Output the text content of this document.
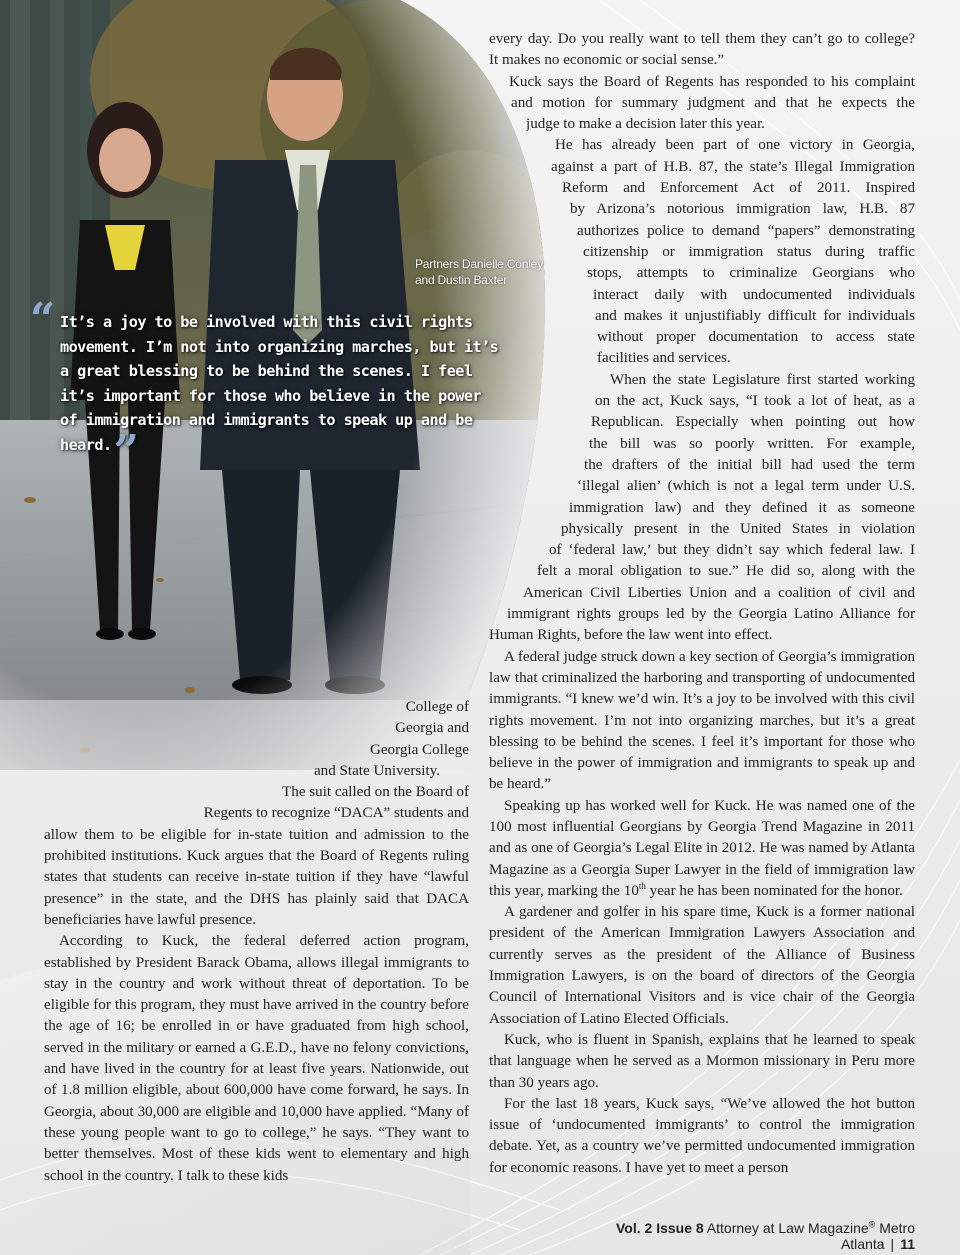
Partners Danielle Conley
and Dustin Baxter
“ It’s a joy to be involved with this civil rights movement. I’m not into organizing marches, but it’s a great blessing to be behind the scenes. I feel it’s important for those who believe in the power of immigration and immigrants to speak up and be heard.”

College of
Georgia and
Georgia College
and State University.
The suit called on the Board of
Regents to recognize “DACA” students and

allow them to be eligible for in-state tuition and admission to the prohibited institutions. Kuck argues that the Board of Regents ruling states that students can receive in-state tuition if they have “lawful presence” in the state, and the DHS has plainly said that DACA beneficiaries have lawful presence.

According to Kuck, the federal deferred action program, established by President Barack Obama, allows illegal immigrants to stay in the country and work without threat of deportation. To be eligible for this program, they must have arrived in the country before the age of 16; be enrolled in or have graduated from high school, served in the military or earned a G.E.D., have no felony convictions, and have lived in the country for at least five years. Nationwide, out of 1.8 million eligible, about 600,000 have come forward, he says. In Georgia, about 30,000 are eligible and 10,000 have applied. “Many of these young people want to go to college,” he says. “They want to better themselves. Most of these kids went to elementary and high school in the country. I talk to these kids

every day. Do you really want to tell them they can’t go to college?
It makes no economic or social sense.”
Kuck says the Board of Regents has responded to his complaint
and motion for summary judgment and that he expects the
judge to make a decision later this year.
He has already been part of one victory in Georgia,
against a part of H.B. 87, the state’s Illegal Immigration
Reform and Enforcement Act of 2011. Inspired
by Arizona’s notorious immigration law, H.B. 87
authorizes police to demand “papers” demonstrating
citizenship or immigration status during traffic
stops, attempts to criminalize Georgians who
interact daily with undocumented individuals
and makes it unjustifiably difficult for individuals
without proper documentation to access state
facilities and services.
When the state Legislature first started working
on the act, Kuck says, “I took a lot of heat, as a
Republican. Especially when pointing out how
the bill was so poorly written. For example,
the drafters of the initial bill had used the term
‘illegal alien’ (which is not a legal term under U.S.
immigration law) and they defined it as someone
physically present in the United States in violation
of ‘federal law,’ but they didn’t say which federal law. I
felt a moral obligation to sue.” He did so, along with the
American Civil Liberties Union and a coalition of civil and
immigrant rights groups led by the Georgia Latino Alliance for
Human Rights, before the law went into effect.

A federal judge struck down a key section of Georgia’s immigration law that criminalized the harboring and transporting of undocumented immigrants. “I knew we’d win. It’s a joy to be involved with this civil rights movement. I’m not into organizing marches, but it’s a great blessing to be behind the scenes. I feel it’s important for those who believe in the power of immigration and immigrants to speak up and be heard.”

Speaking up has worked well for Kuck. He was named one of the 100 most influential Georgians by Georgia Trend Magazine in 2011 and as one of Georgia’s Legal Elite in 2012. He was named by Atlanta Magazine as a Georgia Super Lawyer in the field of immigration law this year, marking the 10th year he has been nominated for the honor.

A gardener and golfer in his spare time, Kuck is a former national president of the American Immigration Lawyers Association and currently serves as the president of the Alliance of Business Immigration Lawyers, is on the board of directors of the Georgia Council of International Visitors and is vice chair of the Georgia Association of Latino Elected Officials.

Kuck, who is fluent in Spanish, explains that he learned to speak that language when he served as a Mormon missionary in Peru more than 30 years ago.

For the last 18 years, Kuck says, “We’ve allowed the hot button issue of ‘undocumented immigrants’ to control the immigration debate. Yet, as a country we’ve permitted undocumented immigration for economic reasons. I have yet to meet a person

Vol. 2 Issue 8 Attorney at Law Magazine® Metro Atlanta | 11
